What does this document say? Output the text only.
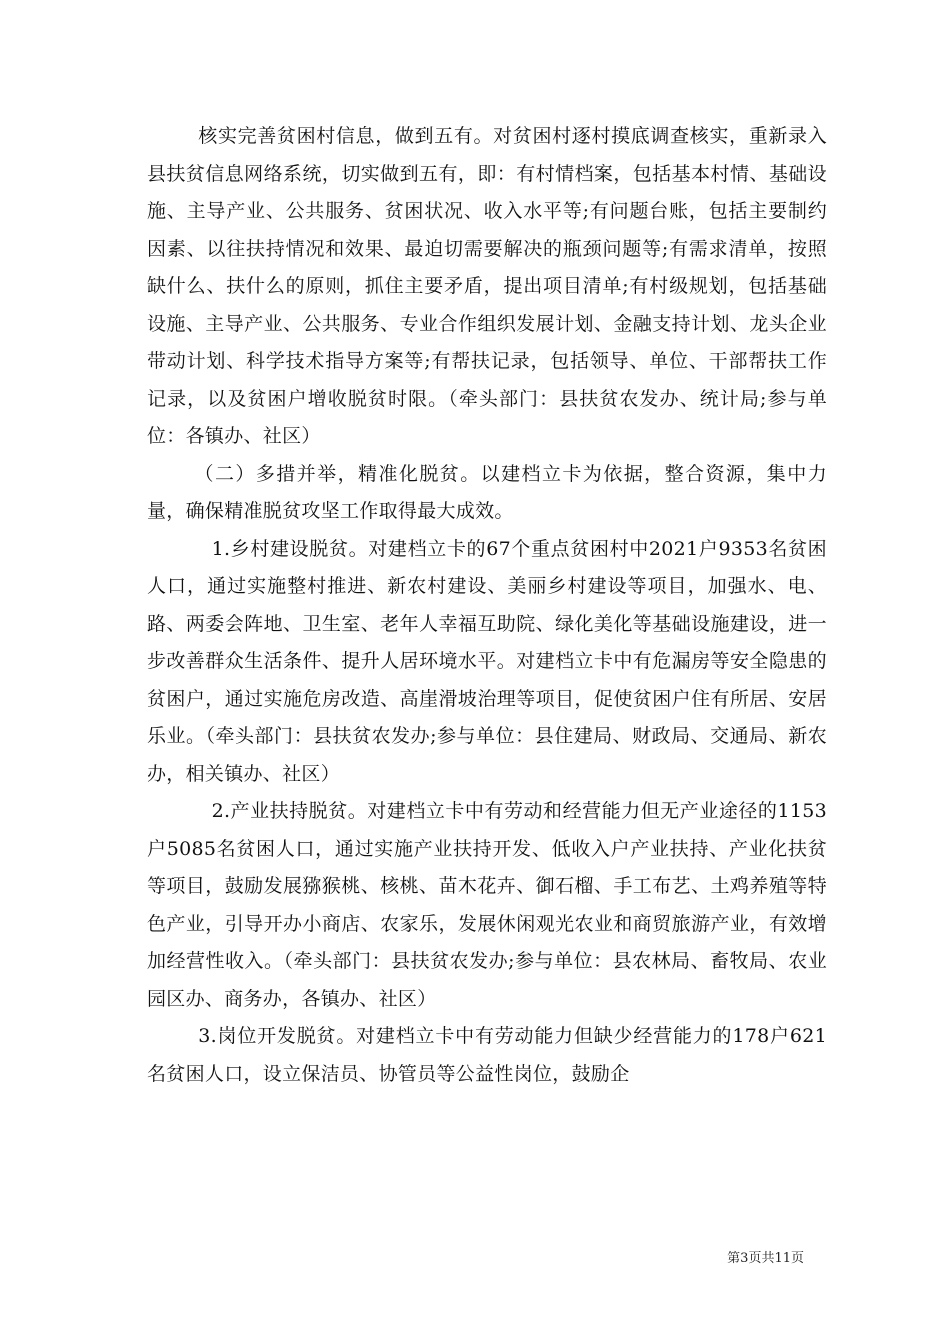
核实完善贫困村信息，做到五有。对贫困村逐村摸底调查核实，重新录入县扶贫信息网络系统，切实做到五有，即：有村情档案，包括基本村情、基础设施、主导产业、公共服务、贫困状况、收入水平等;有问题台账，包括主要制约因素、以往扶持情况和效果、最迫切需要解决的瓶颈问题等;有需求清单，按照缺什么、扶什么的原则，抓住主要矛盾，提出项目清单;有村级规划，包括基础设施、主导产业、公共服务、专业合作组织发展计划、金融支持计划、龙头企业带动计划、科学技术指导方案等;有帮扶记录，包括领导、单位、干部帮扶工作记录，以及贫困户增收脱贫时限。（牵头部门：县扶贫农发办、统计局;参与单位：各镇办、社区）

（二）多措并举，精准化脱贫。以建档立卡为依据，整合资源，集中力量，确保精准脱贫攻坚工作取得最大成效。

1.乡村建设脱贫。对建档立卡的67个重点贫困村中2021户9353名贫困人口，通过实施整村推进、新农村建设、美丽乡村建设等项目，加强水、电、路、两委会阵地、卫生室、老年人幸福互助院、绿化美化等基础设施建设，进一步改善群众生活条件、提升人居环境水平。对建档立卡中有危漏房等安全隐患的贫困户，通过实施危房改造、高崖滑坡治理等项目，促使贫困户住有所居、安居乐业。（牵头部门：县扶贫农发办;参与单位：县住建局、财政局、交通局、新农办，相关镇办、社区）

2.产业扶持脱贫。对建档立卡中有劳动和经营能力但无产业途径的1153户5085名贫困人口，通过实施产业扶持开发、低收入户产业扶持、产业化扶贫等项目，鼓励发展猕猴桃、核桃、苗木花卉、御石榴、手工布艺、土鸡养殖等特色产业，引导开办小商店、农家乐，发展休闲观光农业和商贸旅游产业，有效增加经营性收入。（牵头部门：县扶贫农发办;参与单位：县农林局、畜牧局、农业园区办、商务办，各镇办、社区）

3.岗位开发脱贫。对建档立卡中有劳动能力但缺少经营能力的178户621名贫困人口，设立保洁员、协管员等公益性岗位，鼓励企

第3页共11页
